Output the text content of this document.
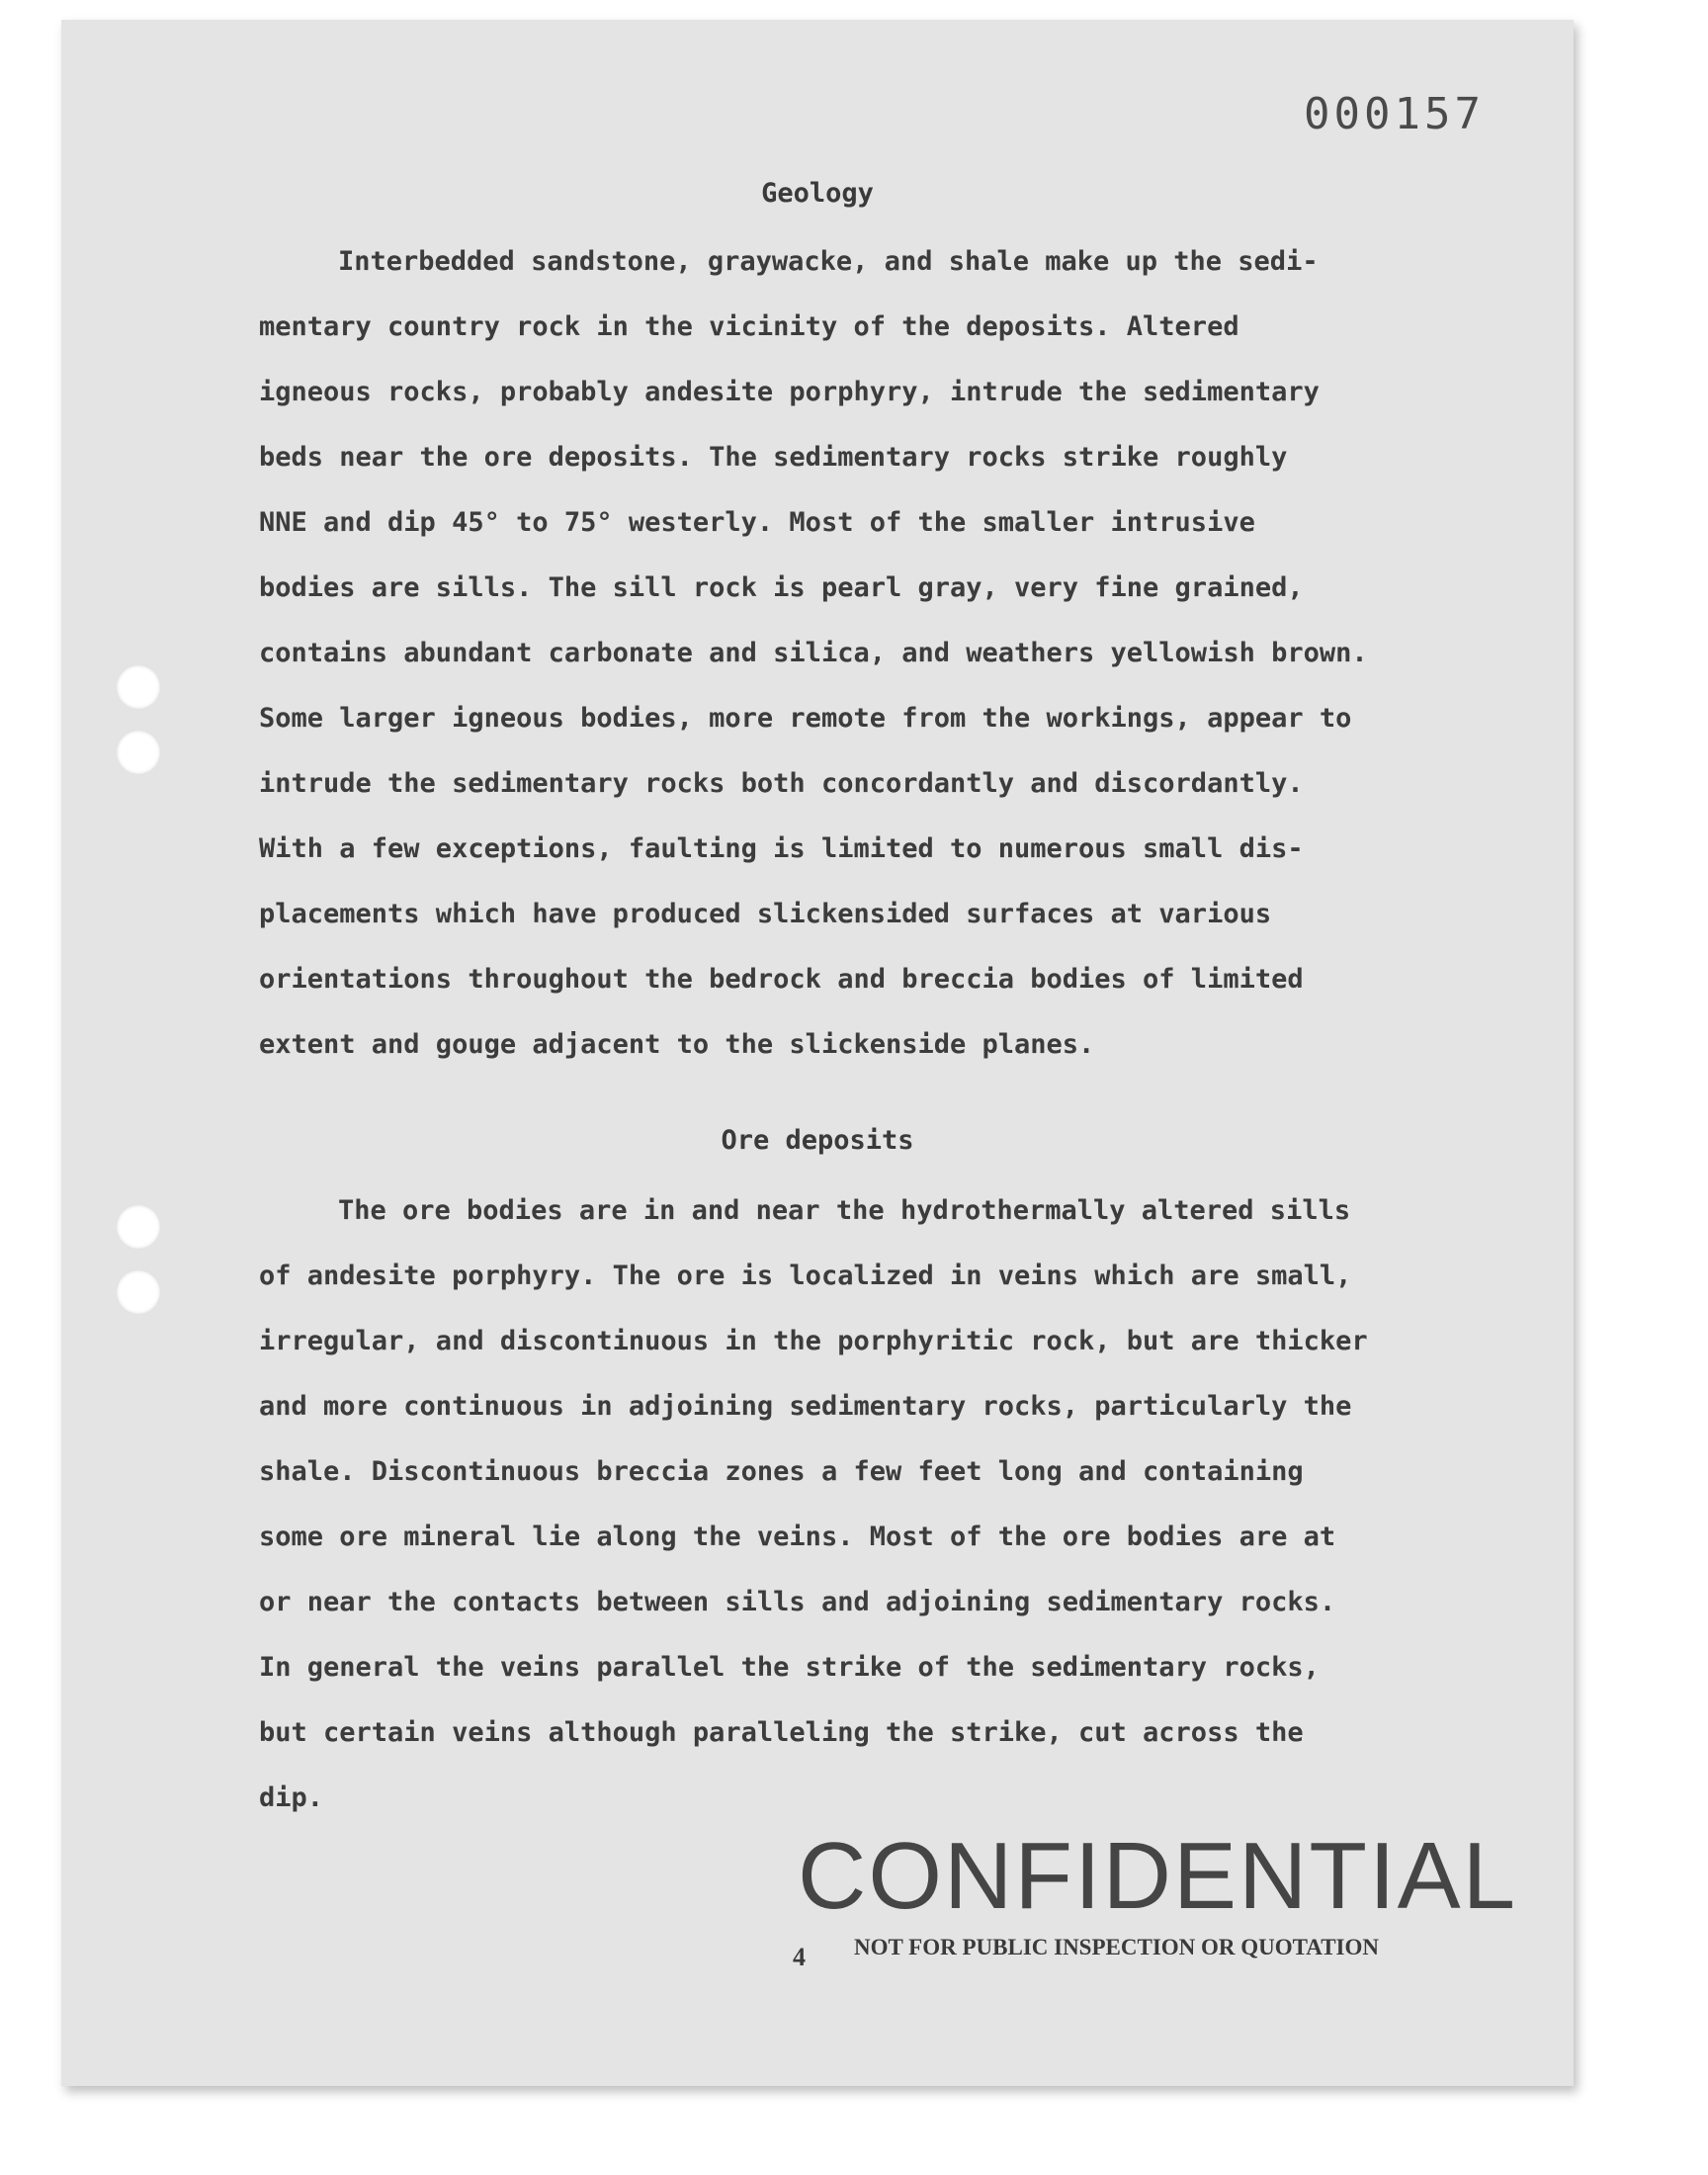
000157
Geology
Interbedded sandstone, graywacke, and shale make up the sedi-
mentary country rock in the vicinity of the deposits. Altered
igneous rocks, probably andesite porphyry, intrude the sedimentary
beds near the ore deposits. The sedimentary rocks strike roughly
NNE and dip 45° to 75° westerly. Most of the smaller intrusive
bodies are sills. The sill rock is pearl gray, very fine grained,
contains abundant carbonate and silica, and weathers yellowish brown.
Some larger igneous bodies, more remote from the workings, appear to
intrude the sedimentary rocks both concordantly and discordantly.
With a few exceptions, faulting is limited to numerous small dis-
placements which have produced slickensided surfaces at various
orientations throughout the bedrock and breccia bodies of limited
extent and gouge adjacent to the slickenside planes.
Ore deposits
The ore bodies are in and near the hydrothermally altered sills
of andesite porphyry. The ore is localized in veins which are small,
irregular, and discontinuous in the porphyritic rock, but are thicker
and more continuous in adjoining sedimentary rocks, particularly the
shale. Discontinuous breccia zones a few feet long and containing
some ore mineral lie along the veins. Most of the ore bodies are at
or near the contacts between sills and adjoining sedimentary rocks.
In general the veins parallel the strike of the sedimentary rocks,
but certain veins although paralleling the strike, cut across the
dip.
CONFIDENTIAL
NOT FOR PUBLIC INSPECTION OR QUOTATION
4
